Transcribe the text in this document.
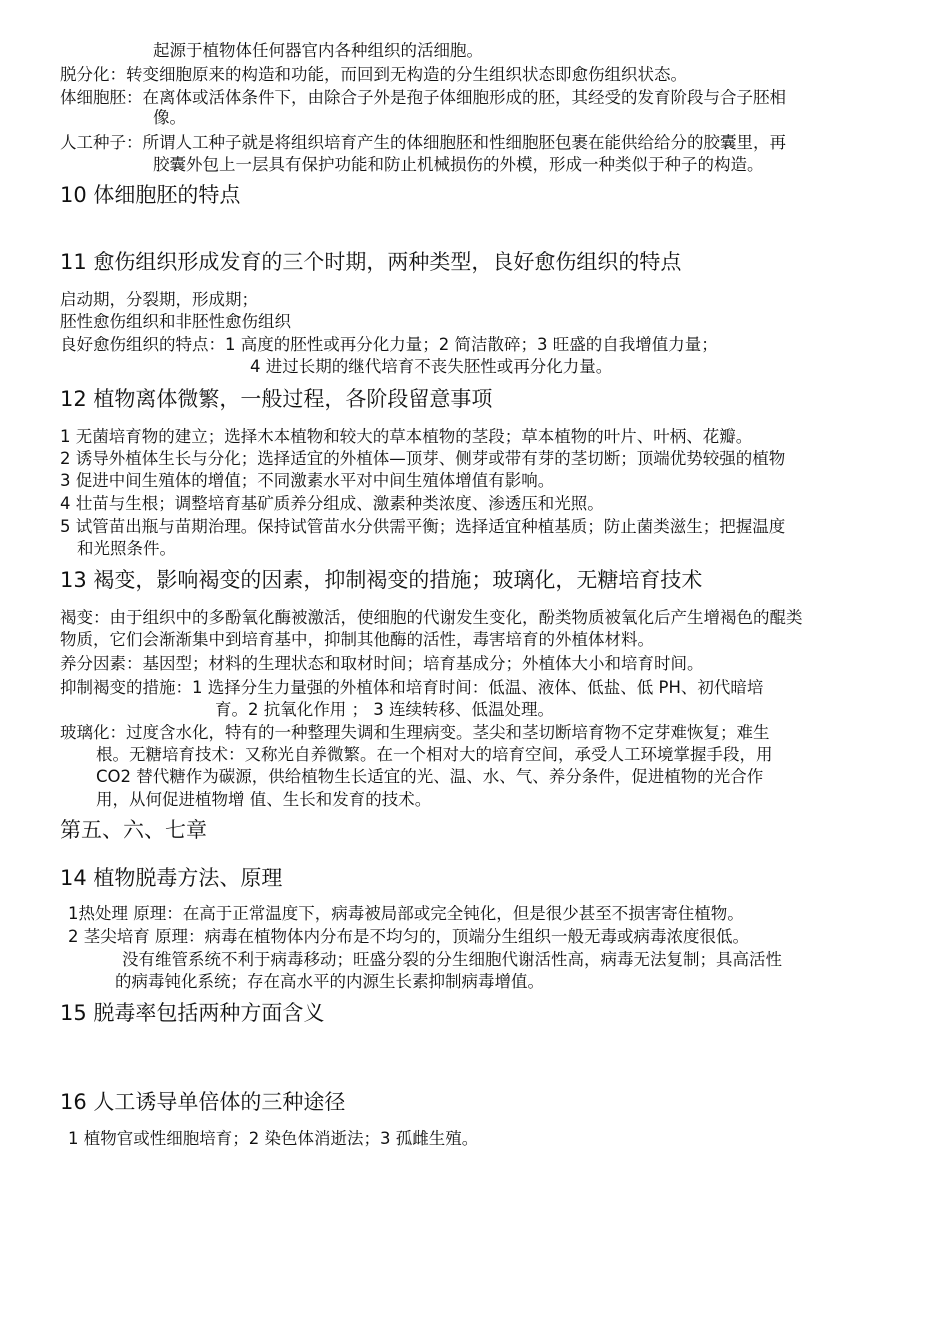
起源于植物体任何器官内各种组织的活细胞。
脱分化：转变细胞原来的构造和功能，而回到无构造的分生组织状态即愈伤组织状态。
体细胞胚：在离体或活体条件下，由除合子外是孢子体细胞形成的胚，其经受的发育阶段与合子胚相
像。
人工种子：所谓人工种子就是将组织培育产生的体细胞胚和性细胞胚包裹在能供给给分的胶囊里，再
胶囊外包上一层具有保护功能和防止机械损伤的外模，形成一种类似于种子的构造。
10 体细胞胚的特点
11 愈伤组织形成发育的三个时期，两种类型，良好愈伤组织的特点
启动期，分裂期，形成期；
胚性愈伤组织和非胚性愈伤组织
良好愈伤组织的特点：1 高度的胚性或再分化力量；2 简洁散碎；3 旺盛的自我增值力量；
4 进过长期的继代培育不丧失胚性或再分化力量。
12 植物离体微繁，一般过程，各阶段留意事项
1 无菌培育物的建立；选择木本植物和较大的草本植物的茎段；草本植物的叶片、叶柄、花瓣。
2 诱导外植体生长与分化；选择适宜的外植体—顶芽、侧芽或带有芽的茎切断；顶端优势较强的植物
3 促进中间生殖体的增值；不同激素水平对中间生殖体增值有影响。
4 壮苗与生根；调整培育基矿质养分组成、激素种类浓度、渗透压和光照。
5 试管苗出瓶与苗期治理。保持试管苗水分供需平衡；选择适宜种植基质；防止菌类滋生；把握温度
和光照条件。
13 褐变，影响褐变的因素，抑制褐变的措施；玻璃化，无糖培育技术
褐变：由于组织中的多酚氧化酶被激活，使细胞的代谢发生变化，酚类物质被氧化后产生增褐色的醌类
物质，它们会渐渐集中到培育基中，抑制其他酶的活性，毒害培育的外植体材料。
养分因素：基因型；材料的生理状态和取材时间；培育基成分；外植体大小和培育时间。
抑制褐变的措施：1 选择分生力量强的外植体和培育时间：低温、液体、低盐、低 PH、初代暗培
育。2 抗氧化作用 ； 3 连续转移、低温处理。
玻璃化：过度含水化，特有的一种整理失调和生理病变。茎尖和茎切断培育物不定芽难恢复；难生
根。无糖培育技术：又称光自养微繁。在一个相对大的培育空间，承受人工环境掌握手段，用
CO2 替代糖作为碳源，供给植物生长适宜的光、温、水、气、养分条件，促进植物的光合作
用，从何促进植物增 值、生长和发育的技术。
第五、六、七章
14 植物脱毒方法、原理
1热处理 原理：在高于正常温度下，病毒被局部或完全钝化，但是很少甚至不损害寄住植物。
2 茎尖培育 原理：病毒在植物体内分布是不均匀的，顶端分生组织一般无毒或病毒浓度很低。
没有维管系统不利于病毒移动；旺盛分裂的分生细胞代谢活性高，病毒无法复制；具高活性
的病毒钝化系统；存在高水平的内源生长素抑制病毒增值。
15 脱毒率包括两种方面含义
16 人工诱导单倍体的三种途径
1 植物官或性细胞培育；2 染色体消逝法；3 孤雌生殖。
